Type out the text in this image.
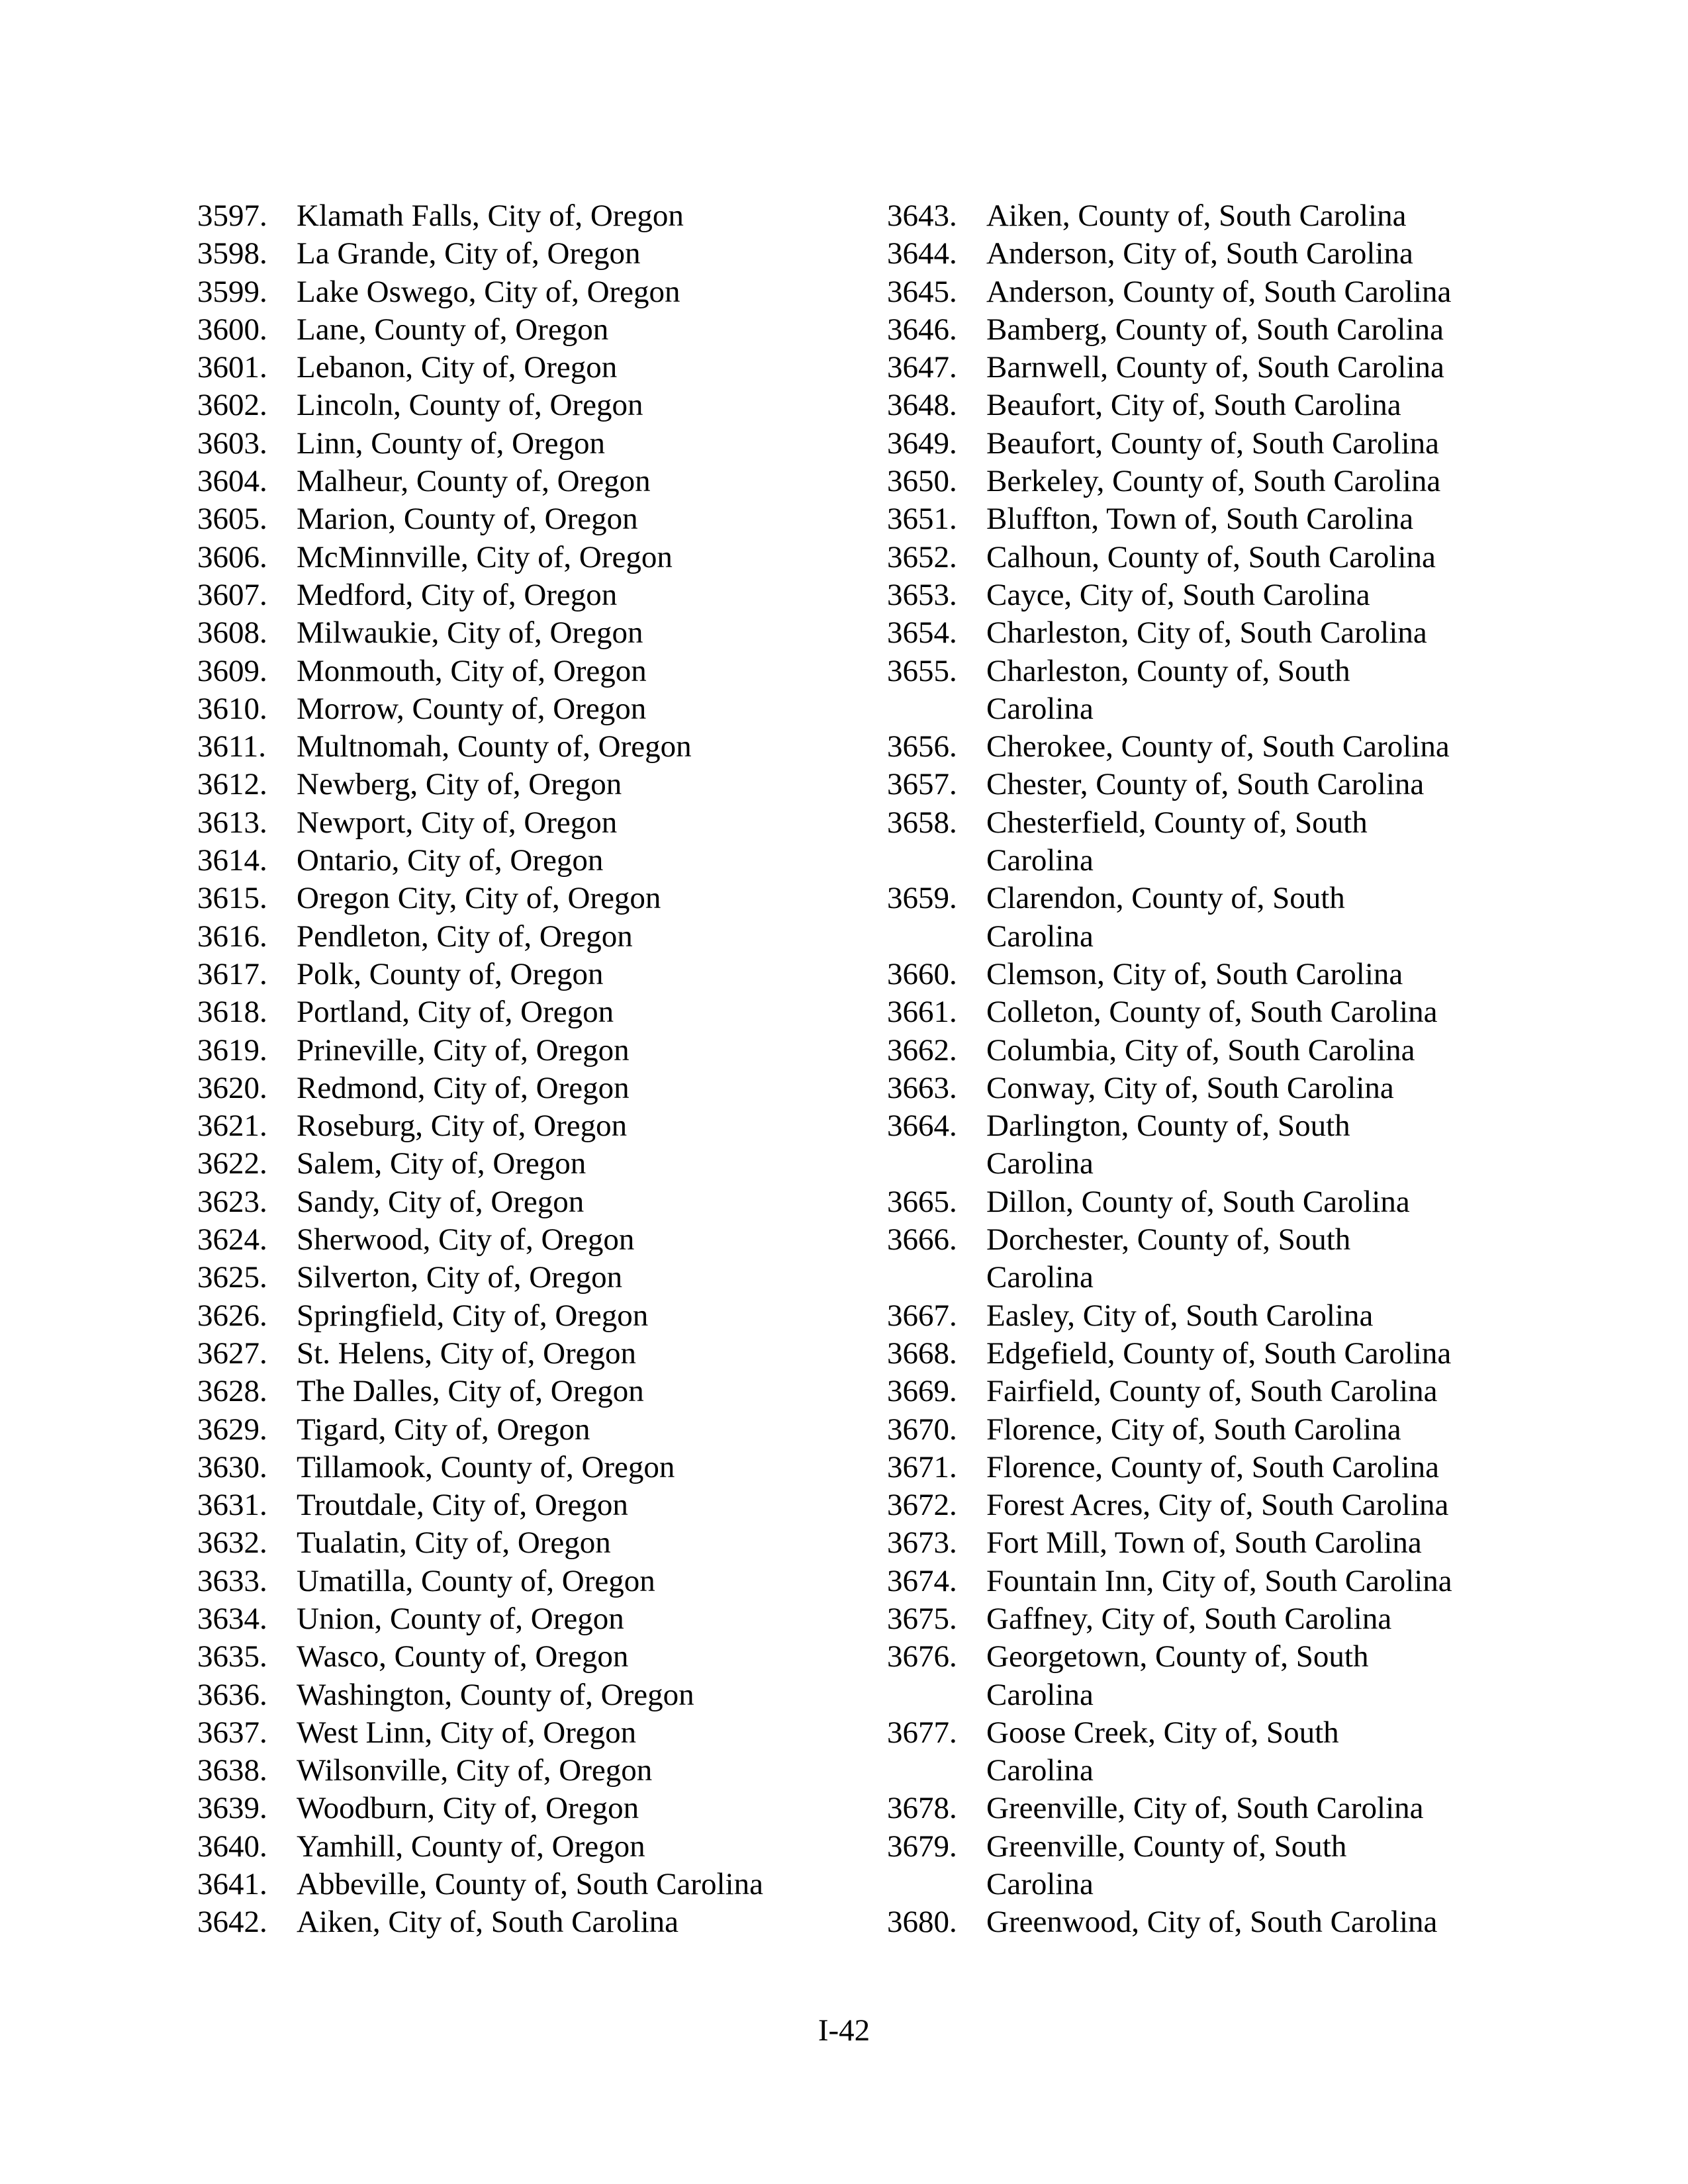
3597. Klamath Falls, City of, Oregon
3598. La Grande, City of, Oregon
3599. Lake Oswego, City of, Oregon
3600. Lane, County of, Oregon
3601. Lebanon, City of, Oregon
3602. Lincoln, County of, Oregon
3603. Linn, County of, Oregon
3604. Malheur, County of, Oregon
3605. Marion, County of, Oregon
3606. McMinnville, City of, Oregon
3607. Medford, City of, Oregon
3608. Milwaukie, City of, Oregon
3609. Monmouth, City of, Oregon
3610. Morrow, County of, Oregon
3611. Multnomah, County of, Oregon
3612. Newberg, City of, Oregon
3613. Newport, City of, Oregon
3614. Ontario, City of, Oregon
3615. Oregon City, City of, Oregon
3616. Pendleton, City of, Oregon
3617. Polk, County of, Oregon
3618. Portland, City of, Oregon
3619. Prineville, City of, Oregon
3620. Redmond, City of, Oregon
3621. Roseburg, City of, Oregon
3622. Salem, City of, Oregon
3623. Sandy, City of, Oregon
3624. Sherwood, City of, Oregon
3625. Silverton, City of, Oregon
3626. Springfield, City of, Oregon
3627. St. Helens, City of, Oregon
3628. The Dalles, City of, Oregon
3629. Tigard, City of, Oregon
3630. Tillamook, County of, Oregon
3631. Troutdale, City of, Oregon
3632. Tualatin, City of, Oregon
3633. Umatilla, County of, Oregon
3634. Union, County of, Oregon
3635. Wasco, County of, Oregon
3636. Washington, County of, Oregon
3637. West Linn, City of, Oregon
3638. Wilsonville, City of, Oregon
3639. Woodburn, City of, Oregon
3640. Yamhill, County of, Oregon
3641. Abbeville, County of, South Carolina
3642. Aiken, City of, South Carolina
3643. Aiken, County of, South Carolina
3644. Anderson, City of, South Carolina
3645. Anderson, County of, South Carolina
3646. Bamberg, County of, South Carolina
3647. Barnwell, County of, South Carolina
3648. Beaufort, City of, South Carolina
3649. Beaufort, County of, South Carolina
3650. Berkeley, County of, South Carolina
3651. Bluffton, Town of, South Carolina
3652. Calhoun, County of, South Carolina
3653. Cayce, City of, South Carolina
3654. Charleston, City of, South Carolina
3655. Charleston, County of, South
Carolina
3656. Cherokee, County of, South Carolina
3657. Chester, County of, South Carolina
3658. Chesterfield, County of, South
Carolina
3659. Clarendon, County of, South
Carolina
3660. Clemson, City of, South Carolina
3661. Colleton, County of, South Carolina
3662. Columbia, City of, South Carolina
3663. Conway, City of, South Carolina
3664. Darlington, County of, South
Carolina
3665. Dillon, County of, South Carolina
3666. Dorchester, County of, South
Carolina
3667. Easley, City of, South Carolina
3668. Edgefield, County of, South Carolina
3669. Fairfield, County of, South Carolina
3670. Florence, City of, South Carolina
3671. Florence, County of, South Carolina
3672. Forest Acres, City of, South Carolina
3673. Fort Mill, Town of, South Carolina
3674. Fountain Inn, City of, South Carolina
3675. Gaffney, City of, South Carolina
3676. Georgetown, County of, South
Carolina
3677. Goose Creek, City of, South
Carolina
3678. Greenville, City of, South Carolina
3679. Greenville, County of, South
Carolina
3680. Greenwood, City of, South Carolina
I-42
